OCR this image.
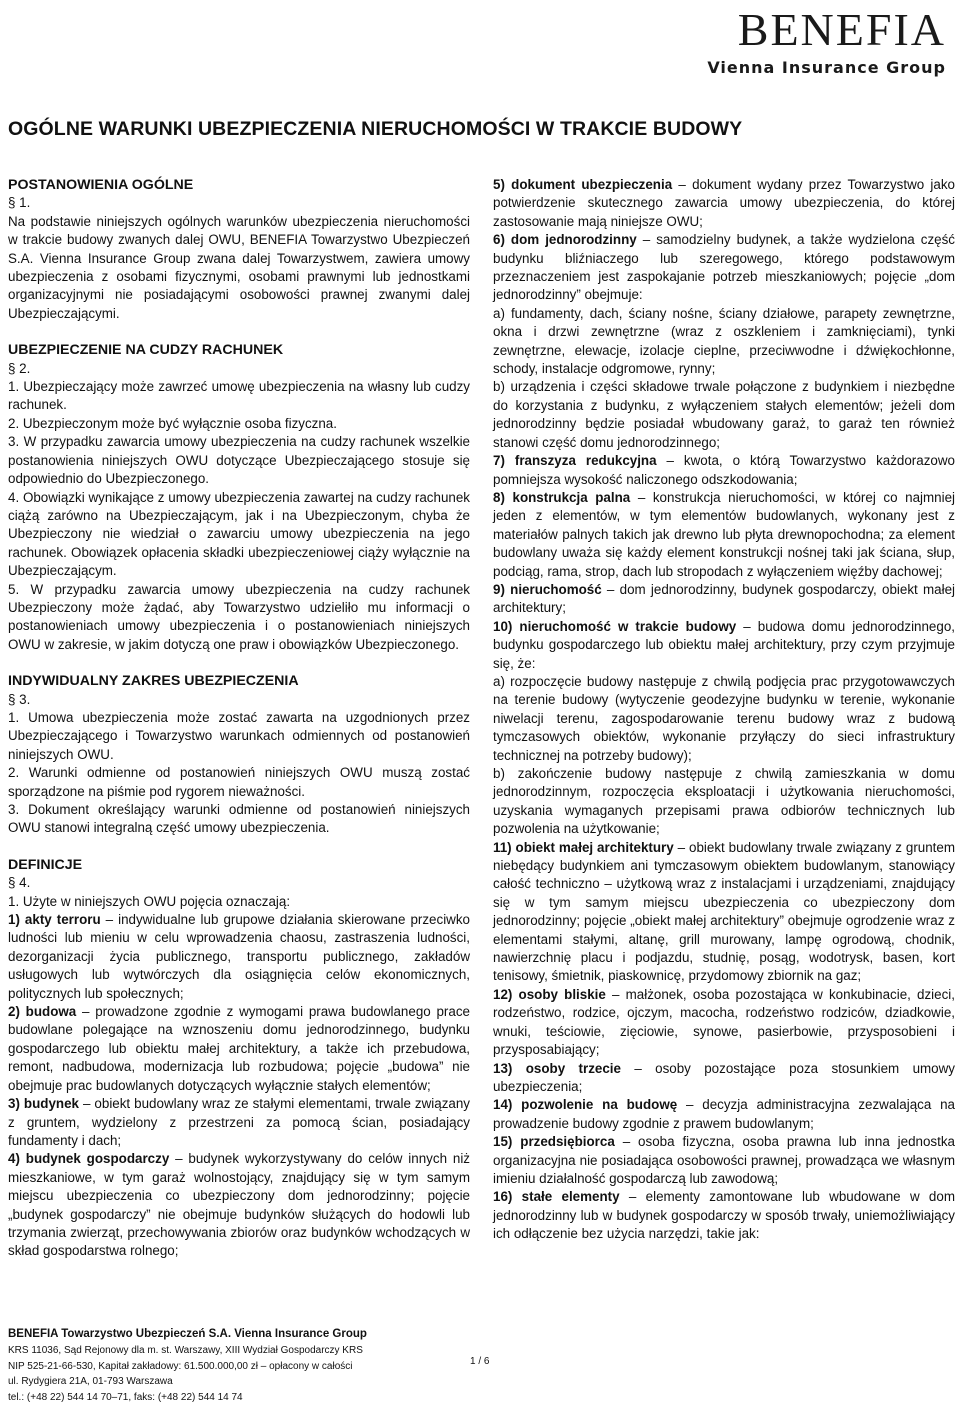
BENEFIA
Vienna Insurance Group
OGÓLNE WARUNKI UBEZPIECZENIA NIERUCHOMOŚCI W TRAKCIE BUDOWY

POSTANOWIENIA OGÓLNE

§ 1.

Na podstawie niniejszych ogólnych warunków ubezpieczenia nieruchomości w trakcie budowy zwanych dalej OWU, BENEFIA Towarzystwo Ubezpieczeń S.A. Vienna Insurance Group zwana dalej Towarzystwem, zawiera umowy ubezpieczenia z osobami fizycznymi, osobami prawnymi lub jednostkami organizacyjnymi nie posiadającymi osobowości prawnej zwanymi dalej Ubezpieczającymi.

UBEZPIECZENIE NA CUDZY RACHUNEK

§ 2.

1. Ubezpieczający może zawrzeć umowę ubezpieczenia na własny lub cudzy rachunek.

2. Ubezpieczonym może być wyłącznie osoba fizyczna.

3. W przypadku zawarcia umowy ubezpieczenia na cudzy rachunek wszelkie postanowienia niniejszych OWU dotyczące Ubezpieczającego stosuje się odpowiednio do Ubezpieczonego.

4. Obowiązki wynikające z umowy ubezpieczenia zawartej na cudzy rachunek ciążą zarówno na Ubezpieczającym, jak i na Ubezpieczonym, chyba że Ubezpieczony nie wiedział o zawarciu umowy ubezpieczenia na jego rachunek. Obowiązek opłacenia składki ubezpieczeniowej ciąży wyłącznie na Ubezpieczającym.

5. W przypadku zawarcia umowy ubezpieczenia na cudzy rachunek Ubezpieczony może żądać, aby Towarzystwo udzieliło mu informacji o postanowieniach umowy ubezpieczenia i o postanowieniach niniejszych OWU w zakresie, w jakim dotyczą one praw i obowiązków Ubezpieczonego.

INDYWIDUALNY ZAKRES UBEZPIECZENIA

§ 3.

1. Umowa ubezpieczenia może zostać zawarta na uzgodnionych przez Ubezpieczającego i Towarzystwo warunkach odmiennych od postanowień niniejszych OWU.

2. Warunki odmienne od postanowień niniejszych OWU muszą zostać sporządzone na piśmie pod rygorem nieważności.

3. Dokument określający warunki odmienne od postanowień niniejszych OWU stanowi integralną część umowy ubezpieczenia.

DEFINICJE

§ 4.

1. Użyte w niniejszych OWU pojęcia oznaczają:

1) akty terroru – indywidualne lub grupowe działania skierowane przeciwko ludności lub mieniu w celu wprowadzenia chaosu, zastraszenia ludności, dezorganizacji życia publicznego, transportu publicznego, zakładów usługowych lub wytwórczych dla osiągnięcia celów ekonomicznych, politycznych lub społecznych;

2) budowa – prowadzone zgodnie z wymogami prawa budowlanego prace budowlane polegające na wznoszeniu domu jednorodzinnego, budynku gospodarczego lub obiektu małej architektury, a także ich przebudowa, remont, nadbudowa, modernizacja lub rozbudowa; pojęcie „budowa” nie obejmuje prac budowlanych dotyczących wyłącznie stałych elementów;

3) budynek – obiekt budowlany wraz ze stałymi elementami, trwale związany z gruntem, wydzielony z przestrzeni za pomocą ścian, posiadający fundamenty i dach;

4) budynek gospodarczy – budynek wykorzystywany do celów innych niż mieszkaniowe, w tym garaż wolnostojący, znajdujący się w tym samym miejscu ubezpieczenia co ubezpieczony dom jednorodzinny; pojęcie „budynek gospodarczy” nie obejmuje budynków służących do hodowli lub trzymania zwierząt, przechowywania zbiorów oraz budynków wchodzących w skład gospodarstwa rolnego;

5) dokument ubezpieczenia – dokument wydany przez Towarzystwo jako potwierdzenie skutecznego zawarcia umowy ubezpieczenia, do której zastosowanie mają niniejsze OWU;

6) dom jednorodzinny – samodzielny budynek, a także wydzielona część budynku bliźniaczego lub szeregowego, którego podstawowym przeznaczeniem jest zaspokajanie potrzeb mieszkaniowych; pojęcie „dom jednorodzinny” obejmuje:

a) fundamenty, dach, ściany nośne, ściany działowe, parapety zewnętrzne, okna i drzwi zewnętrzne (wraz z oszkleniem i zamknięciami), tynki zewnętrzne, elewacje, izolacje cieplne, przeciwwodne i dźwiękochłonne, schody, instalacje odgromowe, rynny;

b) urządzenia i części składowe trwale połączone z budynkiem i niezbędne do korzystania z budynku, z wyłączeniem stałych elementów; jeżeli dom jednorodzinny będzie posiadał wbudowany garaż, to garaż ten również stanowi część domu jednorodzinnego;

7) franszyza redukcyjna – kwota, o którą Towarzystwo każdorazowo pomniejsza wysokość naliczonego odszkodowania;

8) konstrukcja palna – konstrukcja nieruchomości, w której co najmniej jeden z elementów, w tym elementów budowlanych, wykonany jest z materiałów palnych takich jak drewno lub płyta drewnopochodna; za element budowlany uważa się każdy element konstrukcji nośnej taki jak ściana, słup, podciąg, rama, strop, dach lub stropodach z wyłączeniem więźby dachowej;

9) nieruchomość – dom jednorodzinny, budynek gospodarczy, obiekt małej architektury;

10) nieruchomość w trakcie budowy – budowa domu jednorodzinnego, budynku gospodarczego lub obiektu małej architektury, przy czym przyjmuje się, że:

a) rozpoczęcie budowy następuje z chwilą podjęcia prac przygotowawczych na terenie budowy (wytyczenie geodezyjne budynku w terenie, wykonanie niwelacji terenu, zagospodarowanie terenu budowy wraz z budową tymczasowych obiektów, wykonanie przyłączy do sieci infrastruktury technicznej na potrzeby budowy);

b) zakończenie budowy następuje z chwilą zamieszkania w domu jednorodzinnym, rozpoczęcia eksploatacji i użytkowania nieruchomości, uzyskania wymaganych przepisami prawa odbiorów technicznych lub pozwolenia na użytkowanie;

11) obiekt małej architektury – obiekt budowlany trwale związany z gruntem niebędący budynkiem ani tymczasowym obiektem budowlanym, stanowiący całość techniczno – użytkową wraz z instalacjami i urządzeniami, znajdujący się w tym samym miejscu ubezpieczenia co ubezpieczony dom jednorodzinny; pojęcie „obiekt małej architektury” obejmuje ogrodzenie wraz z elementami stałymi, altanę, grill murowany, lampę ogrodową, chodnik, nawierzchnię placu i podjazdu, studnię, posąg, wodotrysk, basen, kort tenisowy, śmietnik, piaskownicę, przydomowy zbiornik na gaz;

12) osoby bliskie – małżonek, osoba pozostająca w konkubinacie, dzieci, rodzeństwo, rodzice, ojczym, macocha, rodzeństwo rodziców, dziadkowie, wnuki, teściowie, zięciowie, synowe, pasierbowie, przysposobieni i przysposabiający;

13) osoby trzecie – osoby pozostające poza stosunkiem umowy ubezpieczenia;

14) pozwolenie na budowę – decyzja administracyjna zezwalająca na prowadzenie budowy zgodnie z prawem budowlanym;

15) przedsiębiorca – osoba fizyczna, osoba prawna lub inna jednostka organizacyjna nie posiadająca osobowości prawnej, prowadząca we własnym imieniu działalność gospodarczą lub zawodową;

16) stałe elementy – elementy zamontowane lub wbudowane w dom jednorodzinny lub w budynek gospodarczy w sposób trwały, uniemożliwiający ich odłączenie bez użycia narzędzi, takie jak:

BENEFIA Towarzystwo Ubezpieczeń S.A. Vienna Insurance Group
KRS 11036, Sąd Rejonowy dla m. st. Warszawy, XIII Wydział Gospodarczy KRS
NIP 525-21-66-530, Kapitał zakładowy: 61.500.000,00 zł – opłacony w całości
ul. Rydygiera 21A, 01-793 Warszawa
tel.: (+48 22) 544 14 70–71, faks: (+48 22) 544 14 74
1 / 6
